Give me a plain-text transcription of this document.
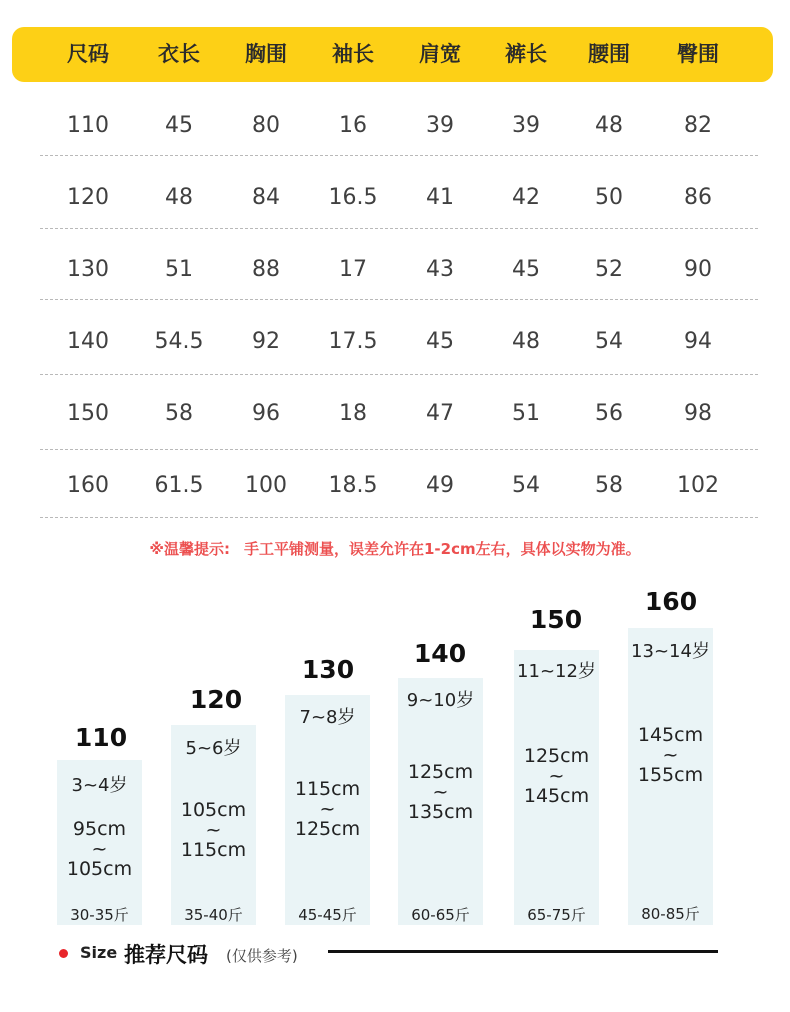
尺码 衣长 胸围 袖长 肩宽 裤长 腰围 臀围
110	45	80	16	39	39	48	82
120	48	84 16.5 41	42	50	86
130	51	88	17	43	45	52	90
140 54.5 92 17.5 45	48	54	94
150	58	96	18	47	51	56	98
160 61.5 100 18.5 49	54	58 102
※温馨提示: 手工平铺测量，误差允许在1-2cm左右，具体以实物为准。
110
120
130
140
150
160
3~4岁
95cm
~
105cm
30-35斤
5~6岁
105cm
~
115cm
35-40斤
7~8岁
115cm
~
125cm
45-45斤
9~10岁
125cm
~
135cm
60-65斤
11~12岁
125cm
~
145cm
65-75斤
13~14岁
145cm
~
155cm
80-85斤
Size 推荐尺码 (仅供参考)
